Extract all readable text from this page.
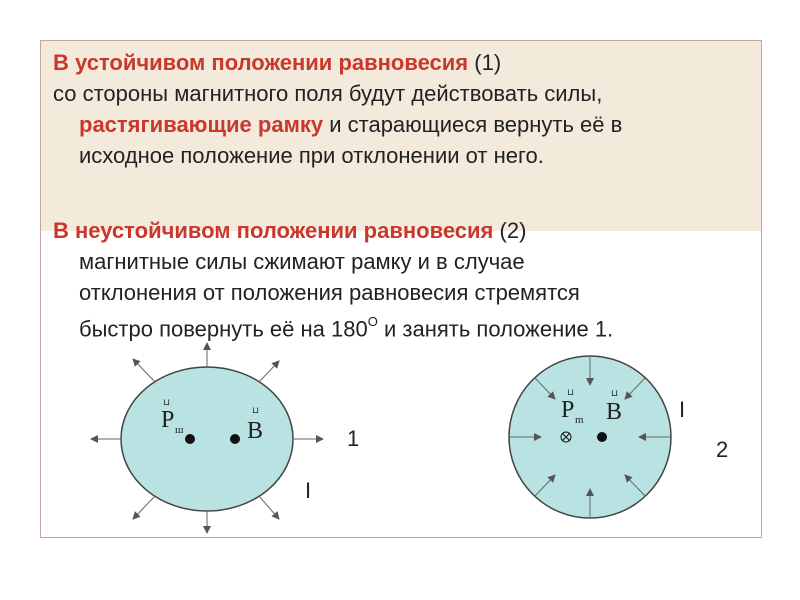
В устойчивом положении равновесия (1)
со стороны магнитного поля будут действовать силы,

растягивающие рамку и старающиеся вернуть её в
исходное положение при отклонении от него.
В неустойчивом положении равновесия (2)
магнитные силы сжимают рамку и в случае
отклонения от положения равновесия стремятся
быстро повернуть её на $180^O$ и занять положение 1.
⊔
P ш
⊔
B
I
1
⊔
P m
⊔
B	I
2
